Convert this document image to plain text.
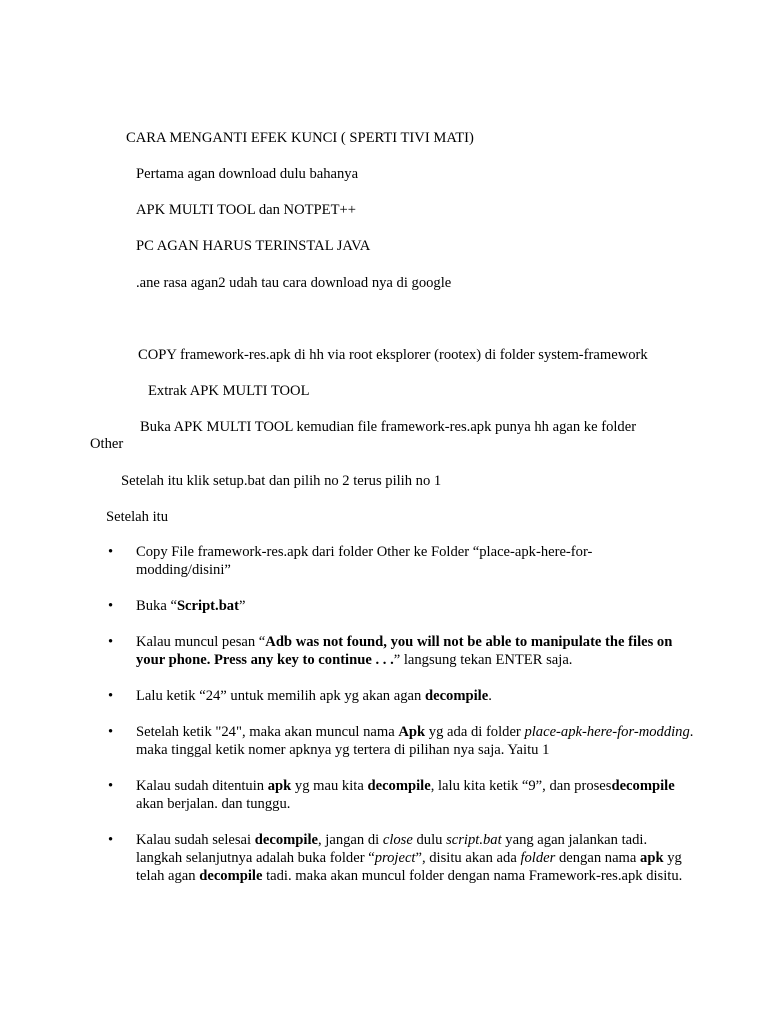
CARA MENGANTI EFEK KUNCI ( SPERTI TIVI MATI)
Pertama agan download dulu bahanya
APK MULTI TOOL dan NOTPET++
PC AGAN HARUS TERINSTAL JAVA
.ane rasa agan2 udah tau cara download nya di google
COPY framework-res.apk di hh via root eksplorer (rootex) di folder system-framework
Extrak APK MULTI TOOL
Buka APK MULTI TOOL kemudian file framework-res.apk punya hh agan ke folder
Other
Setelah itu klik setup.bat dan pilih no 2 terus pilih no 1
Setelah itu
• Copy File framework-res.apk dari folder Other ke Folder “place-apk-here-for-
modding/disini”
• Buka “Script.bat”
• Kalau muncul pesan “Adb was not found, you will not be able to manipulate the files on your phone. Press any key to continue . . .” langsung tekan ENTER saja.
• Lalu ketik “24” untuk memilih apk yg akan agan decompile.
• Setelah ketik "24", maka akan muncul nama Apk yg ada di folder place-apk-here-for-modding. maka tinggal ketik nomer apknya yg tertera di pilihan nya saja. Yaitu 1
• Kalau sudah ditentuin apk yg mau kita decompile, lalu kita ketik “9”, dan prosesdecompile akan berjalan. dan tunggu.
• Kalau sudah selesai decompile, jangan di close dulu script.bat yang agan jalankan tadi. langkah selanjutnya adalah buka folder “project”, disitu akan ada folder dengan nama apk yg telah agan decompile tadi. maka akan muncul folder dengan nama Framework-res.apk disitu.
